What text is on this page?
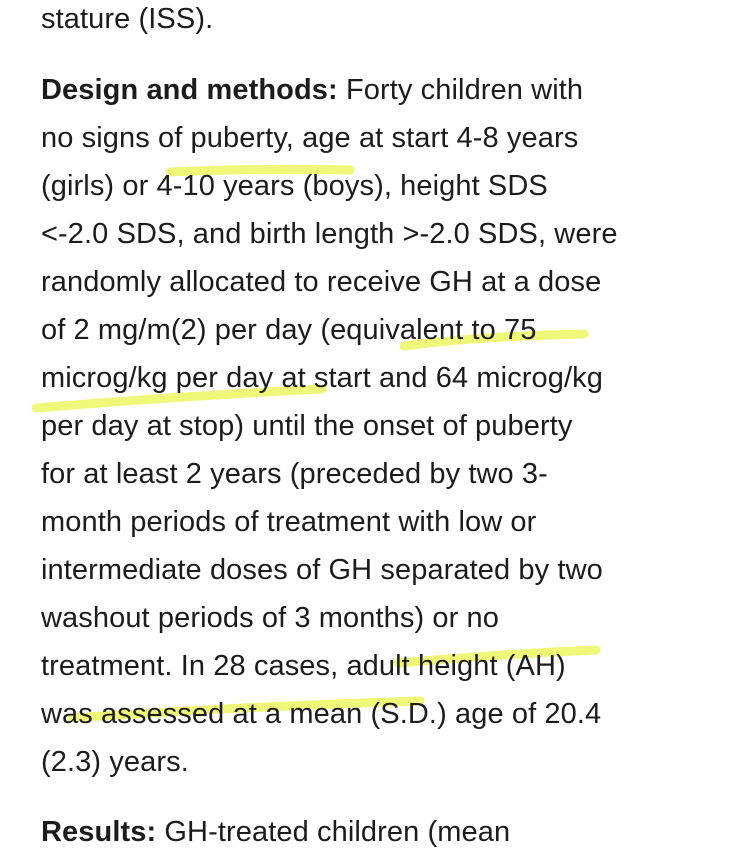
stature (ISS).
Design and methods: Forty children with
no signs of puberty, age at start 4-8 years
(girls) or 4-10 years (boys), height SDS
<-2.0 SDS, and birth length >-2.0 SDS, were
randomly allocated to receive GH at a dose
of 2 mg/m(2) per day (equivalent to 75
microg/kg per day at start and 64 microg/kg
per day at stop) until the onset of puberty
for at least 2 years (preceded by two 3-
month periods of treatment with low or
intermediate doses of GH separated by two
washout periods of 3 months) or no
treatment. In 28 cases, adult height (AH)
was assessed at a mean (S.D.) age of 20.4
(2.3) years.
Results: GH-treated children (mean
